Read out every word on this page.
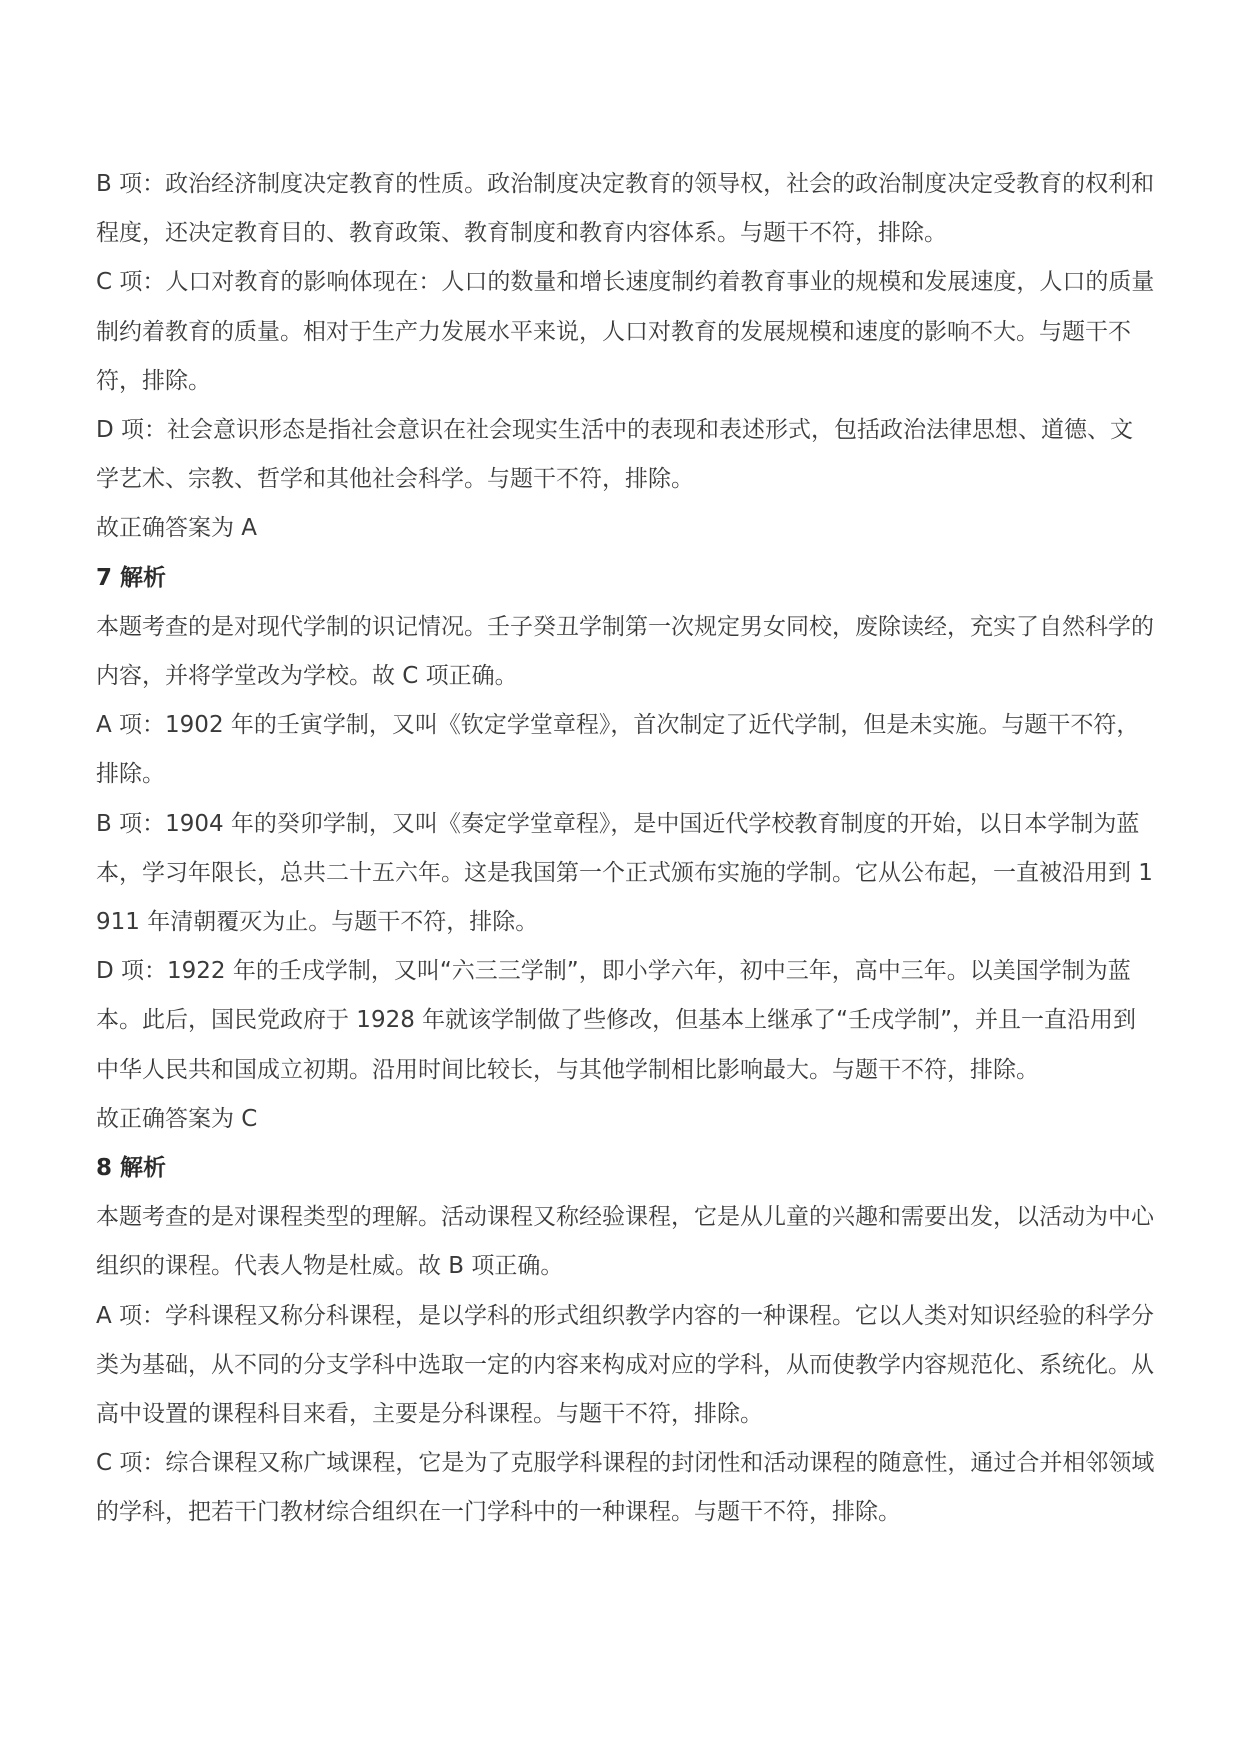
B 项：政治经济制度决定教育的性质。政治制度决定教育的领导权，社会的政治制度决定受教育的权利和程度，还决定教育目的、教育政策、教育制度和教育内容体系。与题干不符，排除。

C 项：人口对教育的影响体现在：人口的数量和增长速度制约着教育事业的规模和发展速度，人口的质量制约着教育的质量。相对于生产力发展水平来说，人口对教育的发展规模和速度的影响不大。与题干不符，排除。

D 项：社会意识形态是指社会意识在社会现实生活中的表现和表述形式，包括政治法律思想、道德、文学艺术、宗教、哲学和其他社会科学。与题干不符，排除。

故正确答案为 A

7 解析

本题考查的是对现代学制的识记情况。壬子癸丑学制第一次规定男女同校，废除读经，充实了自然科学的内容，并将学堂改为学校。故 C 项正确。

A 项：1902 年的壬寅学制，又叫《钦定学堂章程》，首次制定了近代学制，但是未实施。与题干不符，排除。

B 项：1904 年的癸卯学制，又叫《奏定学堂章程》，是中国近代学校教育制度的开始，以日本学制为蓝本，学习年限长，总共二十五六年。这是我国第一个正式颁布实施的学制。它从公布起，一直被沿用到 1911 年清朝覆灭为止。与题干不符，排除。

D 项：1922 年的壬戌学制，又叫“六三三学制”，即小学六年，初中三年，高中三年。以美国学制为蓝本。此后，国民党政府于 1928 年就该学制做了些修改，但基本上继承了“壬戌学制”，并且一直沿用到中华人民共和国成立初期。沿用时间比较长，与其他学制相比影响最大。与题干不符，排除。

故正确答案为 C

8 解析

本题考查的是对课程类型的理解。活动课程又称经验课程，它是从儿童的兴趣和需要出发，以活动为中心组织的课程。代表人物是杜威。故 B 项正确。

A 项：学科课程又称分科课程，是以学科的形式组织教学内容的一种课程。它以人类对知识经验的科学分类为基础，从不同的分支学科中选取一定的内容来构成对应的学科，从而使教学内容规范化、系统化。从高中设置的课程科目来看，主要是分科课程。与题干不符，排除。

C 项：综合课程又称广域课程，它是为了克服学科课程的封闭性和活动课程的随意性，通过合并相邻领域的学科，把若干门教材综合组织在一门学科中的一种课程。与题干不符，排除。
